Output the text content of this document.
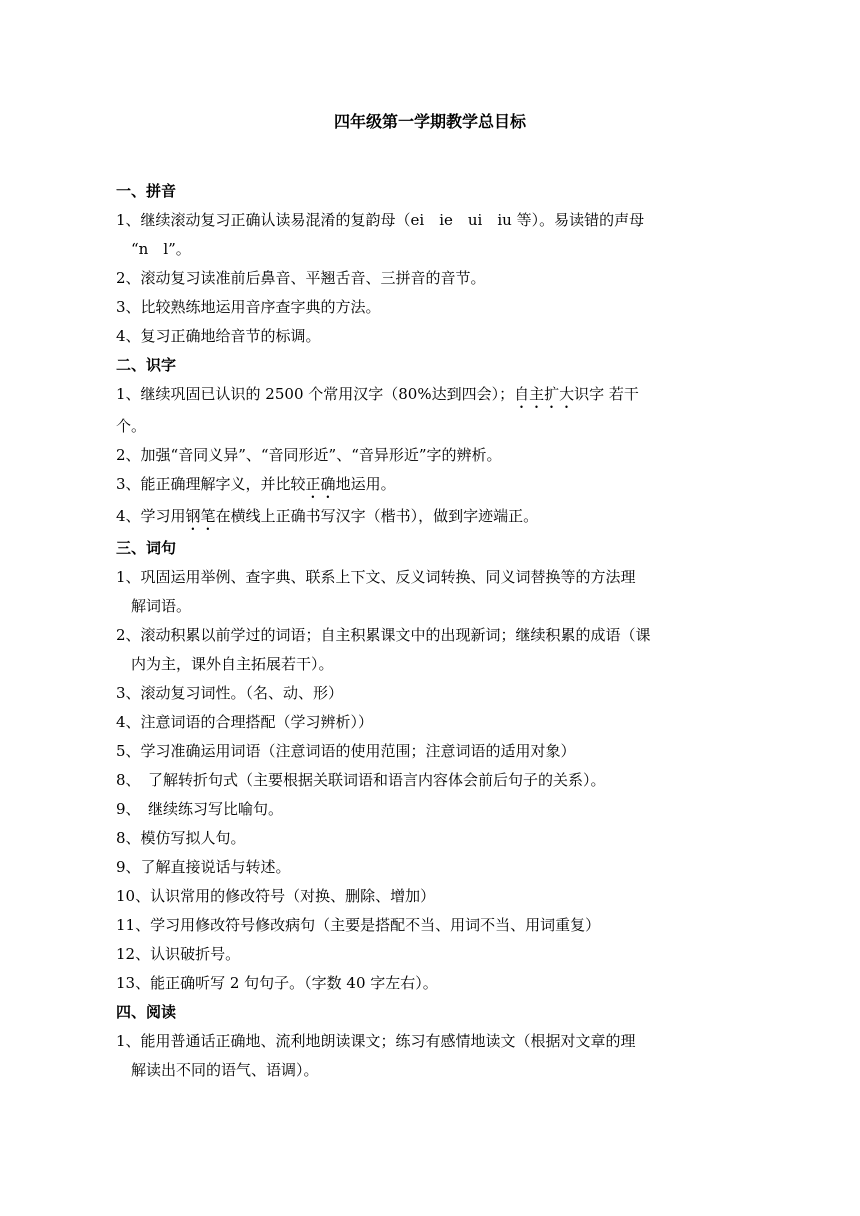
四年级第一学期教学总目标
一、拼音
1、继续滚动复习正确认读易混淆的复韵母（ei　ie　ui　iu 等）。易读错的声母
　“n　l”。
2、滚动复习读准前后鼻音、平翘舌音、三拼音的音节。
3、比较熟练地运用音序查字典的方法。
4、复习正确地给音节的标调。
二、识字
1、继续巩固已认识的 2500 个常用汉字（80%达到四会）；自主扩大识字 若干
个。
2、加强“音同义异”、“音同形近”、“音异形近”字的辨析。
3、能正确理解字义，并比较正确地运用。
4、学习用钢笔在横线上正确书写汉字（楷书），做到字迹端正。
三、词句
1、巩固运用举例、查字典、联系上下文、反义词转换、同义词替换等的方法理
　解词语。
2、滚动积累以前学过的词语；自主积累课文中的出现新词；继续积累的成语（课
　内为主，课外自主拓展若干）。
3、滚动复习词性。（名、动、形）
4、注意词语的合理搭配（学习辨析））
5、学习准确运用词语（注意词语的使用范围；注意词语的适用对象）
8、　了解转折句式（主要根据关联词语和语言内容体会前后句子的关系）。
9、　继续练习写比喻句。
8、模仿写拟人句。
9、了解直接说话与转述。
10、认识常用的修改符号（对换、删除、增加）
11、学习用修改符号修改病句（主要是搭配不当、用词不当、用词重复）
12、认识破折号。
13、能正确听写 2 句句子。（字数 40 字左右）。
四、阅读
1、能用普通话正确地、流利地朗读课文；练习有感情地读文（根据对文章的理
　解读出不同的语气、语调）。
